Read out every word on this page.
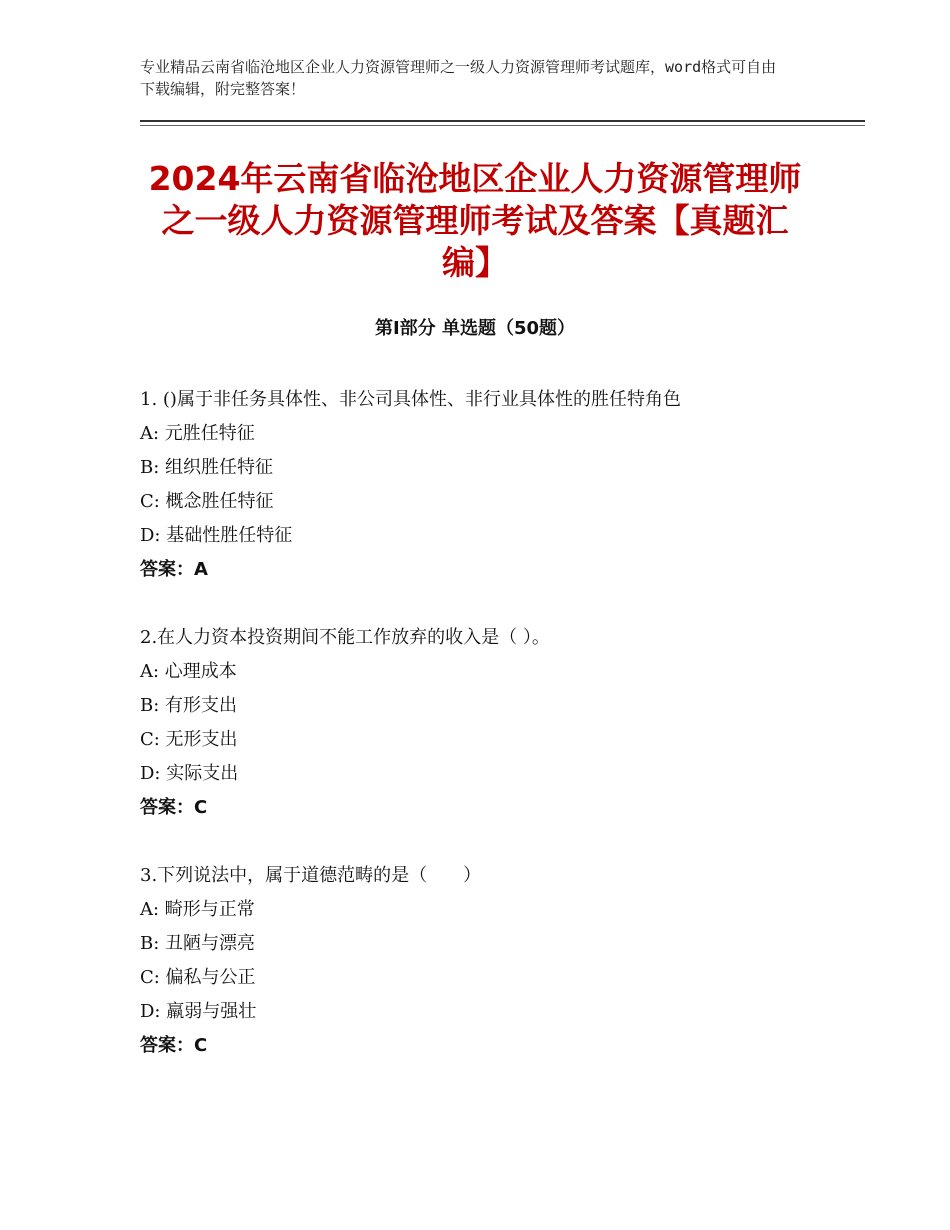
专业精品云南省临沧地区企业人力资源管理师之一级人力资源管理师考试题库，word格式可自由下载编辑，附完整答案！
2024年云南省临沧地区企业人力资源管理师之一级人力资源管理师考试及答案【真题汇编】
第Ⅰ部分 单选题（50题）
1. ()属于非任务具体性、非公司具体性、非行业具体性的胜任特角色
A: 元胜任特征
B: 组织胜任特征
C: 概念胜任特征
D: 基础性胜任特征
答案：A
2.在人力资本投资期间不能工作放弃的收入是（ ）。
A: 心理成本
B: 有形支出
C: 无形支出
D: 实际支出
答案：C
3.下列说法中，属于道德范畴的是（　　）
A: 畸形与正常
B: 丑陋与漂亮
C: 偏私与公正
D: 羸弱与强壮
答案：C
